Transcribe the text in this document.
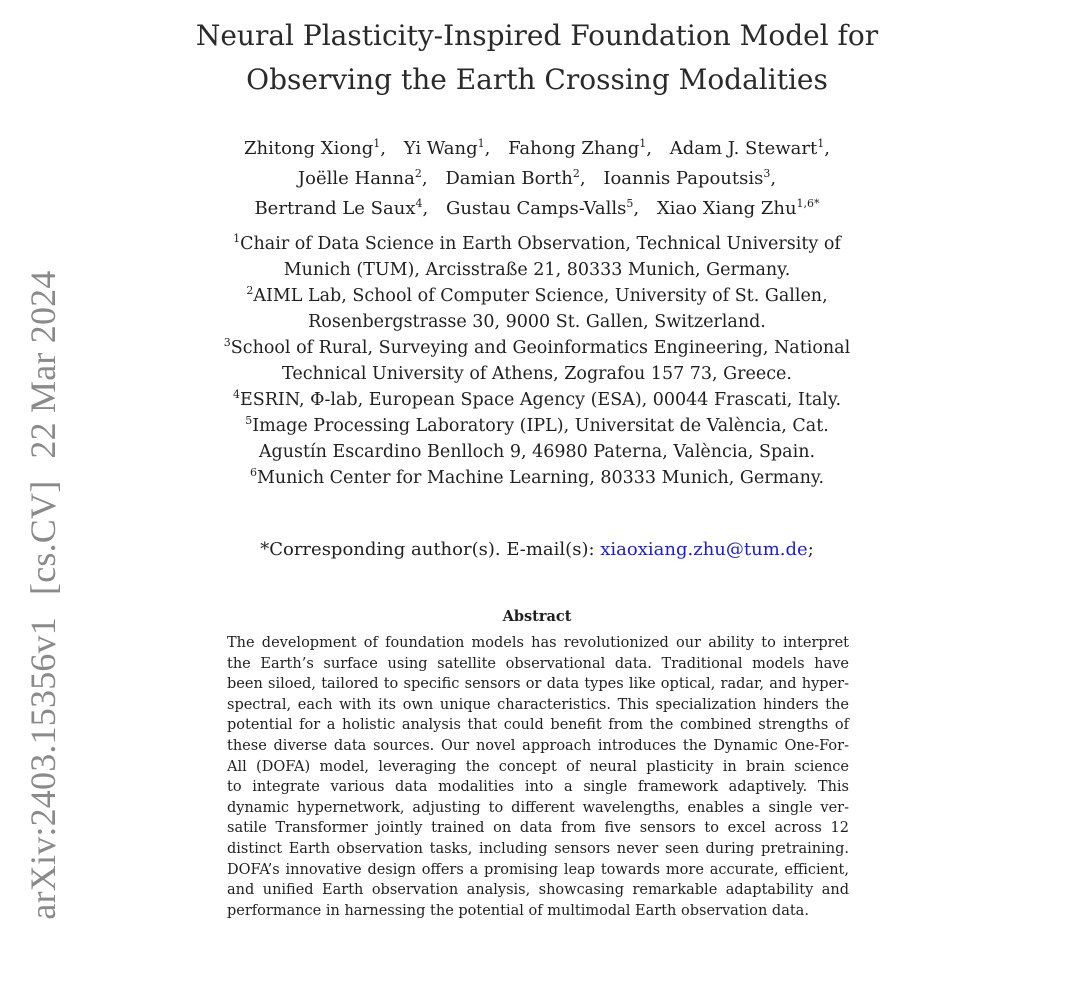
arXiv:2403.15356v1[cs.CV]22 Mar 2024
Neural Plasticity-Inspired Foundation Model for
Observing the Earth Crossing Modalities
Zhitong Xiong$^1$, Yi Wang$^1$, Fahong Zhang$^1$, Adam J. Stewart$^1$,
Joëlle Hanna$^2$, Damian Borth$^2$, Ioannis Papoutsis$^3$,
Bertrand Le Saux$^4$, Gustau Camps-Valls$^5$, Xiao Xiang Zhu$^{1,6*}$
$^1$Chair of Data Science in Earth Observation, Technical University of
Munich (TUM), Arcisstraße 21, 80333 Munich, Germany.
$^2$AIML Lab, School of Computer Science, University of St. Gallen,
Rosenbergstrasse 30, 9000 St. Gallen, Switzerland.
$^3$School of Rural, Surveying and Geoinformatics Engineering, National
Technical University of Athens, Zografou 157 73, Greece.
$^4$ESRIN, Φ-lab, European Space Agency (ESA), 00044 Frascati, Italy.
$^5$Image Processing Laboratory (IPL), Universitat de València, Cat.
Agustín Escardino Benlloch 9, 46980 Paterna, València, Spain.
$^6$Munich Center for Machine Learning, 80333 Munich, Germany.
*Corresponding author(s). E-mail(s): xiaoxiang.zhu@tum.de;
Abstract
The development of foundation models has revolutionized our ability to interpret
the Earth’s surface using satellite observational data. Traditional models have
been siloed, tailored to specific sensors or data types like optical, radar, and hyper-
spectral, each with its own unique characteristics. This specialization hinders the
potential for a holistic analysis that could benefit from the combined strengths of
these diverse data sources. Our novel approach introduces the Dynamic One-For-
All (DOFA) model, leveraging the concept of neural plasticity in brain science
to integrate various data modalities into a single framework adaptively. This
dynamic hypernetwork, adjusting to different wavelengths, enables a single ver-
satile Transformer jointly trained on data from five sensors to excel across 12
distinct Earth observation tasks, including sensors never seen during pretraining.
DOFA’s innovative design offers a promising leap towards more accurate, efficient,
and unified Earth observation analysis, showcasing remarkable adaptability and
performance in harnessing the potential of multimodal Earth observation data.
